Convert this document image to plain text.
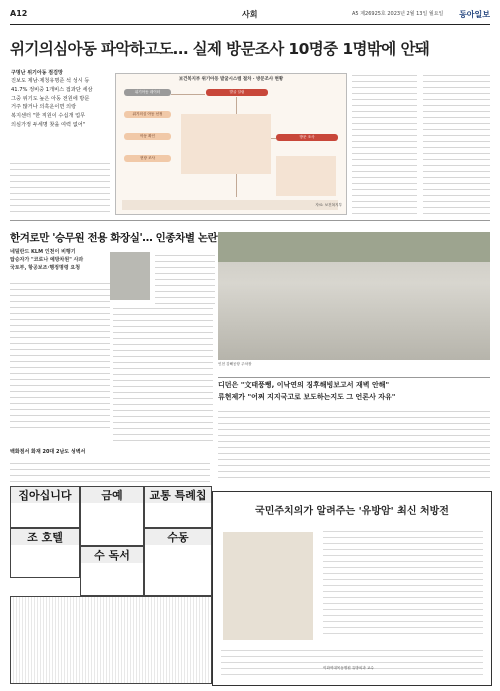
A12	사회	A5 제26925호 2023년 2월 13일 월요일 동아일보
위기의심아동 파악하고도… 실제 방문조사 10명중 1명밖에 안돼
구멍난 위기아동 점검망
진보도 제남·제청유명준 석 성시 등
41.7% 정비중 1개비스 접과단 세삼
그중 위기도 높은 아동 전원에 방문
거주 많거나 의혹운이면 의랑
복지센터 "한 직원이 수십개 업무
의심가정 두세명 찾을 여력 없어"
보건복지부 위기아동 발굴시스템 절차 · 방문조사 현황
위기아동 데이터
위기의심 아동 선정
아동 확인
현장 조사
발굴 알림
방문 조사
자료: 보건복지부
한겨로만 '승무원 전용 화장실'… 인종차별 논란
네덜란드 KLM 인천이 비행기
탑승자가 "코로나 예방차원" 사과
국토부, 항공보조·행정명령 요청
인천 김해공항 주차장
디던은 "文태풍뻥, 이낙연의 징후해빙보고서 재벽 안해"
류현제가 "어쩌 지지국고로 보도하는지도 그 언론사 자유"
백화점서 화재 20대 2남도 성벽서
집아십니다	금예	교통 특례칩
조 호텔
수 독서
수동
국민주치의가 알려주는 '유방암' 최신 처방전
이화여대목동병원 유방외과 교수
